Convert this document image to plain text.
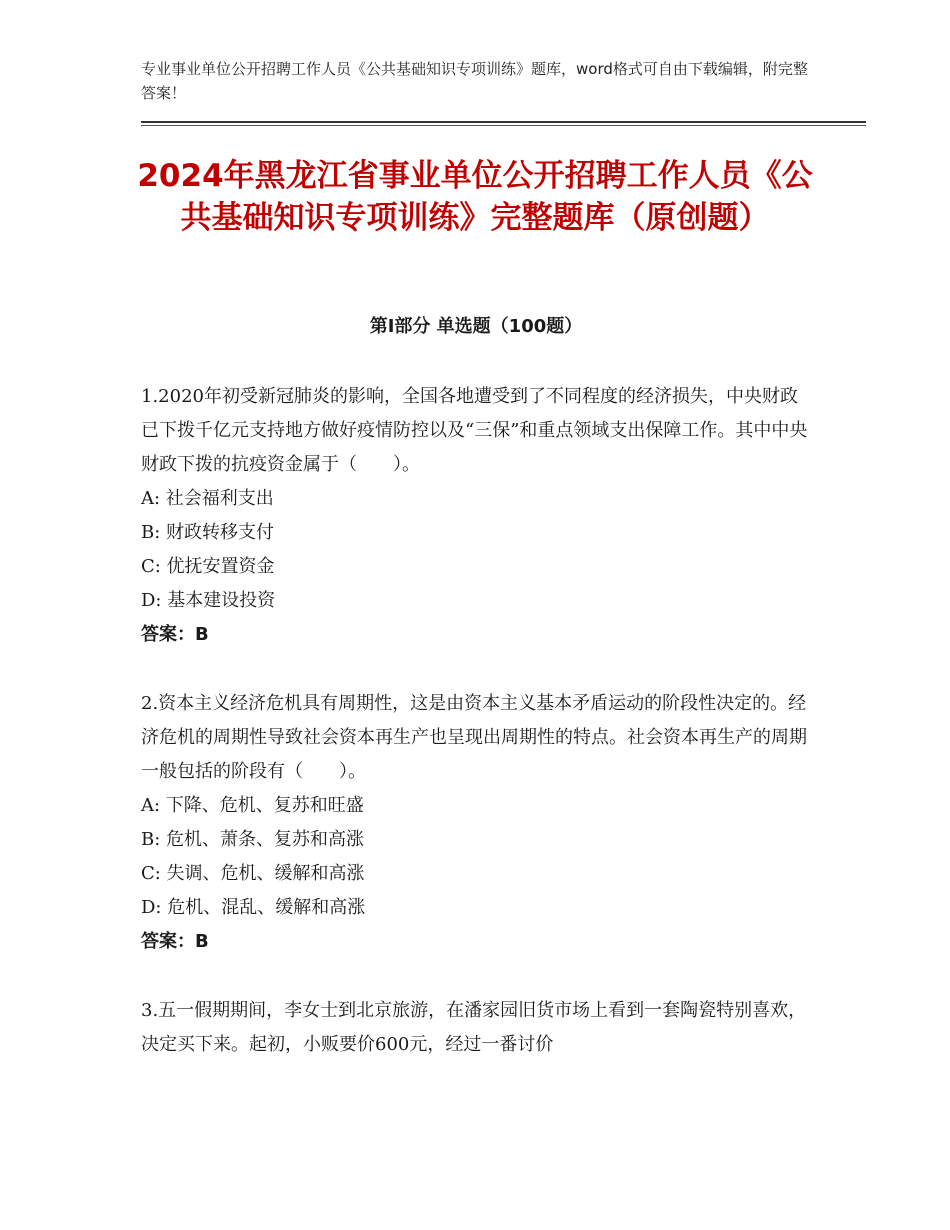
专业事业单位公开招聘工作人员《公共基础知识专项训练》题库，word格式可自由下载编辑，附完整答案！
2024年黑龙江省事业单位公开招聘工作人员《公共基础知识专项训练》完整题库（原创题）
第Ⅰ部分 单选题（100题）

1.2020年初受新冠肺炎的影响，全国各地遭受到了不同程度的经济损失，中央财政已下拨千亿元支持地方做好疫情防控以及“三保”和重点领域支出保障工作。其中中央财政下拨的抗疫资金属于（　　）。

A: 社会福利支出

B: 财政转移支付

C: 优抚安置资金

D: 基本建设投资

答案：B

2.资本主义经济危机具有周期性，这是由资本主义基本矛盾运动的阶段性决定的。经济危机的周期性导致社会资本再生产也呈现出周期性的特点。社会资本再生产的周期一般包括的阶段有（　　）。

A: 下降、危机、复苏和旺盛

B: 危机、萧条、复苏和高涨

C: 失调、危机、缓解和高涨

D: 危机、混乱、缓解和高涨

答案：B

3.五一假期期间，李女士到北京旅游，在潘家园旧货市场上看到一套陶瓷特别喜欢，决定买下来。起初，小贩要价600元，经过一番讨价
